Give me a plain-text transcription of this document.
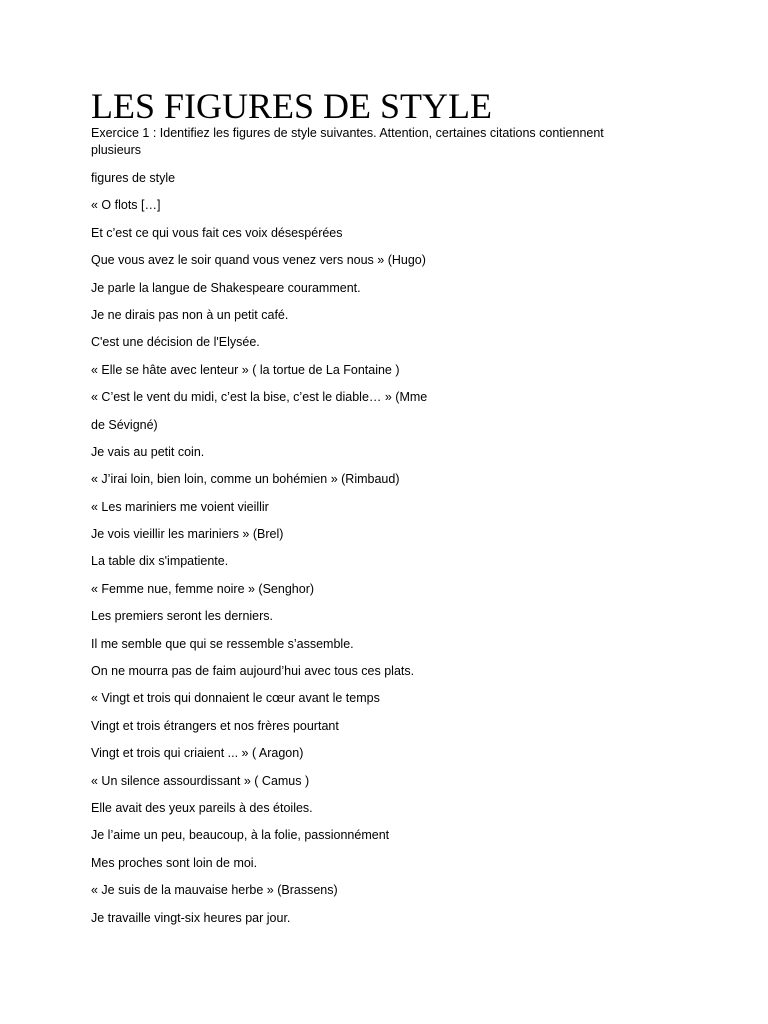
LES FIGURES DE STYLE

Exercice 1 : Identifiez les figures de style suivantes. Attention, certaines citations contiennent plusieurs

figures de style
« O flots […]
Et c’est ce qui vous fait ces voix désespérées
Que vous avez le soir quand vous venez vers nous » (Hugo)
Je parle la langue de Shakespeare couramment.
Je ne dirais pas non à un petit café.
C'est une décision de l'Elysée.
« Elle se hâte avec lenteur » ( la tortue de La Fontaine )
« C’est le vent du midi, c’est la bise, c’est le diable… » (Mme
de Sévigné)
Je vais au petit coin.
« J’irai loin, bien loin, comme un bohémien » (Rimbaud)
« Les mariniers me voient vieillir
Je vois vieillir les mariniers » (Brel)
La table dix s'impatiente.
« Femme nue, femme noire » (Senghor)
Les premiers seront les derniers.
Il me semble que qui se ressemble s’assemble.
On ne mourra pas de faim aujourd’hui avec tous ces plats.
« Vingt et trois qui donnaient le cœur avant le temps
Vingt et trois étrangers et nos frères pourtant
Vingt et trois qui criaient ... » ( Aragon)
« Un silence assourdissant » ( Camus )
Elle avait des yeux pareils à des étoiles.
Je l’aime un peu, beaucoup, à la folie, passionnément
Mes proches sont loin de moi.
« Je suis de la mauvaise herbe » (Brassens)
Je travaille vingt-six heures par jour.
